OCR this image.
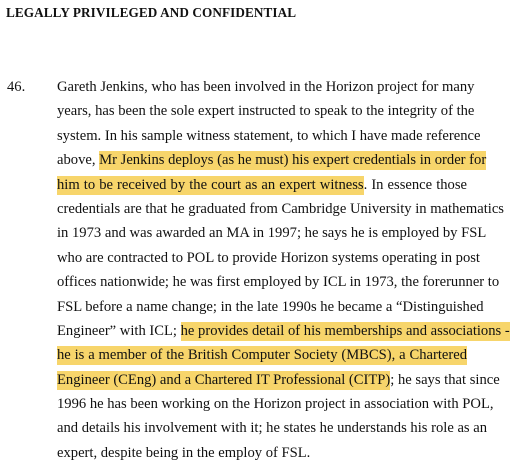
LEGALLY PRIVILEGED AND CONFIDENTIAL
46. Gareth Jenkins, who has been involved in the Horizon project for many
years, has been the sole expert instructed to speak to the integrity of the
system. In his sample witness statement, to which I have made reference
above, Mr Jenkins deploys (as he must) his expert credentials in order for
him to be received by the court as an expert witness. In essence those
credentials are that he graduated from Cambridge University in mathematics
in 1973 and was awarded an MA in 1997; he says he is employed by FSL
who are contracted to POL to provide Horizon systems operating in post
offices nationwide; he was first employed by ICL in 1973, the forerunner to
FSL before a name change; in the late 1990s he became a “Distinguished
Engineer” with ICL; he provides detail of his memberships and associations -
he is a member of the British Computer Society (MBCS), a Chartered
Engineer (CEng) and a Chartered IT Professional (CITP); he says that since
1996 he has been working on the Horizon project in association with POL,
and details his involvement with it; he states he understands his role as an
expert, despite being in the employ of FSL.
